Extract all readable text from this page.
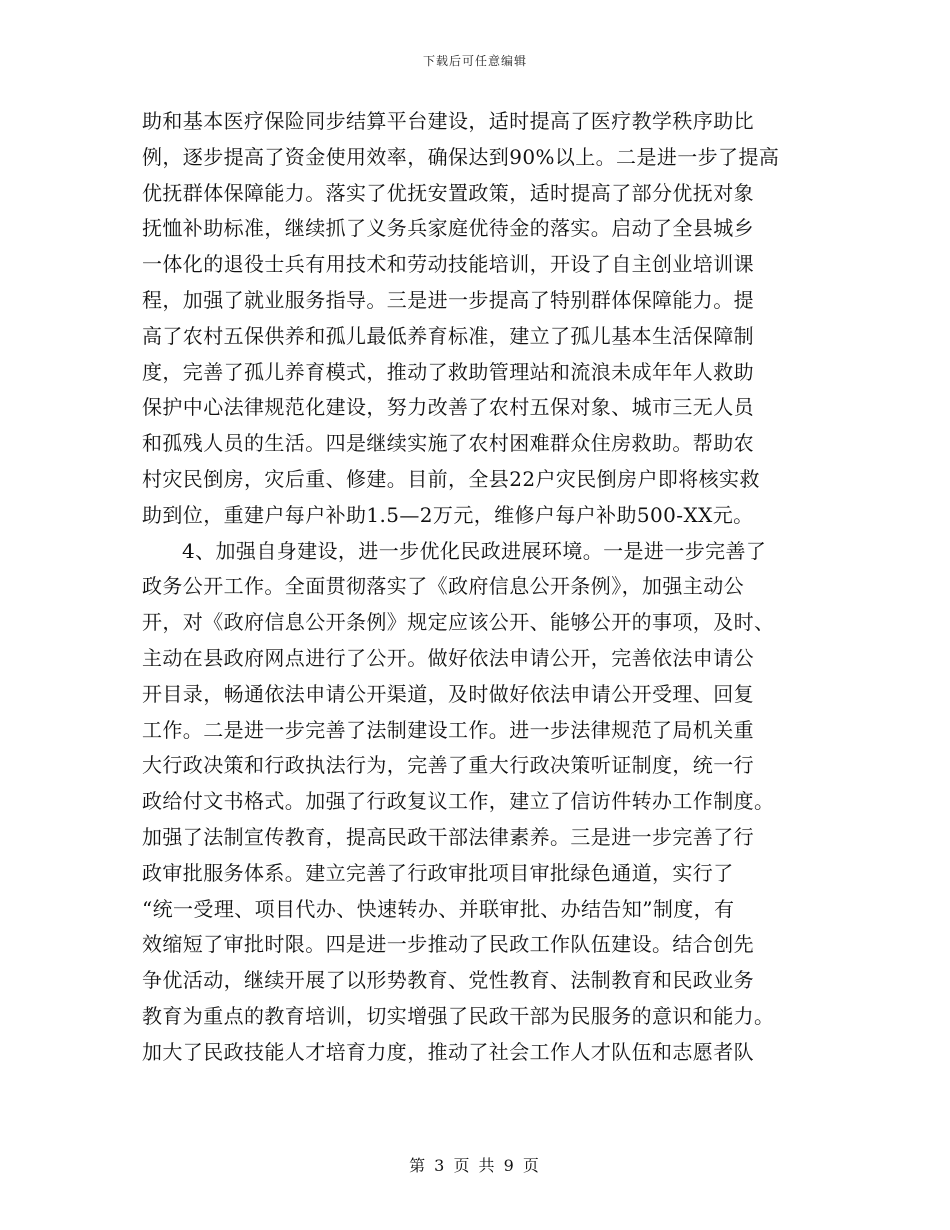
下载后可任意编辑
助和基本医疗保险同步结算平台建设，适时提高了医疗教学秩序助比
例，逐步提高了资金使用效率，确保达到90%以上。二是进一步了提高
优抚群体保障能力。落实了优抚安置政策，适时提高了部分优抚对象
抚恤补助标准，继续抓了义务兵家庭优待金的落实。启动了全县城乡
一体化的退役士兵有用技术和劳动技能培训，开设了自主创业培训课
程，加强了就业服务指导。三是进一步提高了特别群体保障能力。提
高了农村五保供养和孤儿最低养育标准，建立了孤儿基本生活保障制
度，完善了孤儿养育模式，推动了救助管理站和流浪未成年年人救助
保护中心法律规范化建设，努力改善了农村五保对象、城市三无人员
和孤残人员的生活。四是继续实施了农村困难群众住房救助。帮助农
村灾民倒房，灾后重、修建。目前，全县22户灾民倒房户即将核实救
助到位，重建户每户补助1.5—2万元，维修户每户补助500-XX元。
4、加强自身建设，进一步优化民政进展环境。一是进一步完善了
政务公开工作。全面贯彻落实了《政府信息公开条例》，加强主动公
开，对《政府信息公开条例》规定应该公开、能够公开的事项，及时、
主动在县政府网点进行了公开。做好依法申请公开，完善依法申请公
开目录，畅通依法申请公开渠道，及时做好依法申请公开受理、回复
工作。二是进一步完善了法制建设工作。进一步法律规范了局机关重
大行政决策和行政执法行为，完善了重大行政决策听证制度，统一行
政给付文书格式。加强了行政复议工作，建立了信访件转办工作制度。
加强了法制宣传教育，提高民政干部法律素养。三是进一步完善了行
政审批服务体系。建立完善了行政审批项目审批绿色通道，实行了
“统一受理、项目代办、快速转办、并联审批、办结告知”制度，有
效缩短了审批时限。四是进一步推动了民政工作队伍建设。结合创先
争优活动，继续开展了以形势教育、党性教育、法制教育和民政业务
教育为重点的教育培训，切实增强了民政干部为民服务的意识和能力。
加大了民政技能人才培育力度，推动了社会工作人才队伍和志愿者队
第 3 页 共 9 页
